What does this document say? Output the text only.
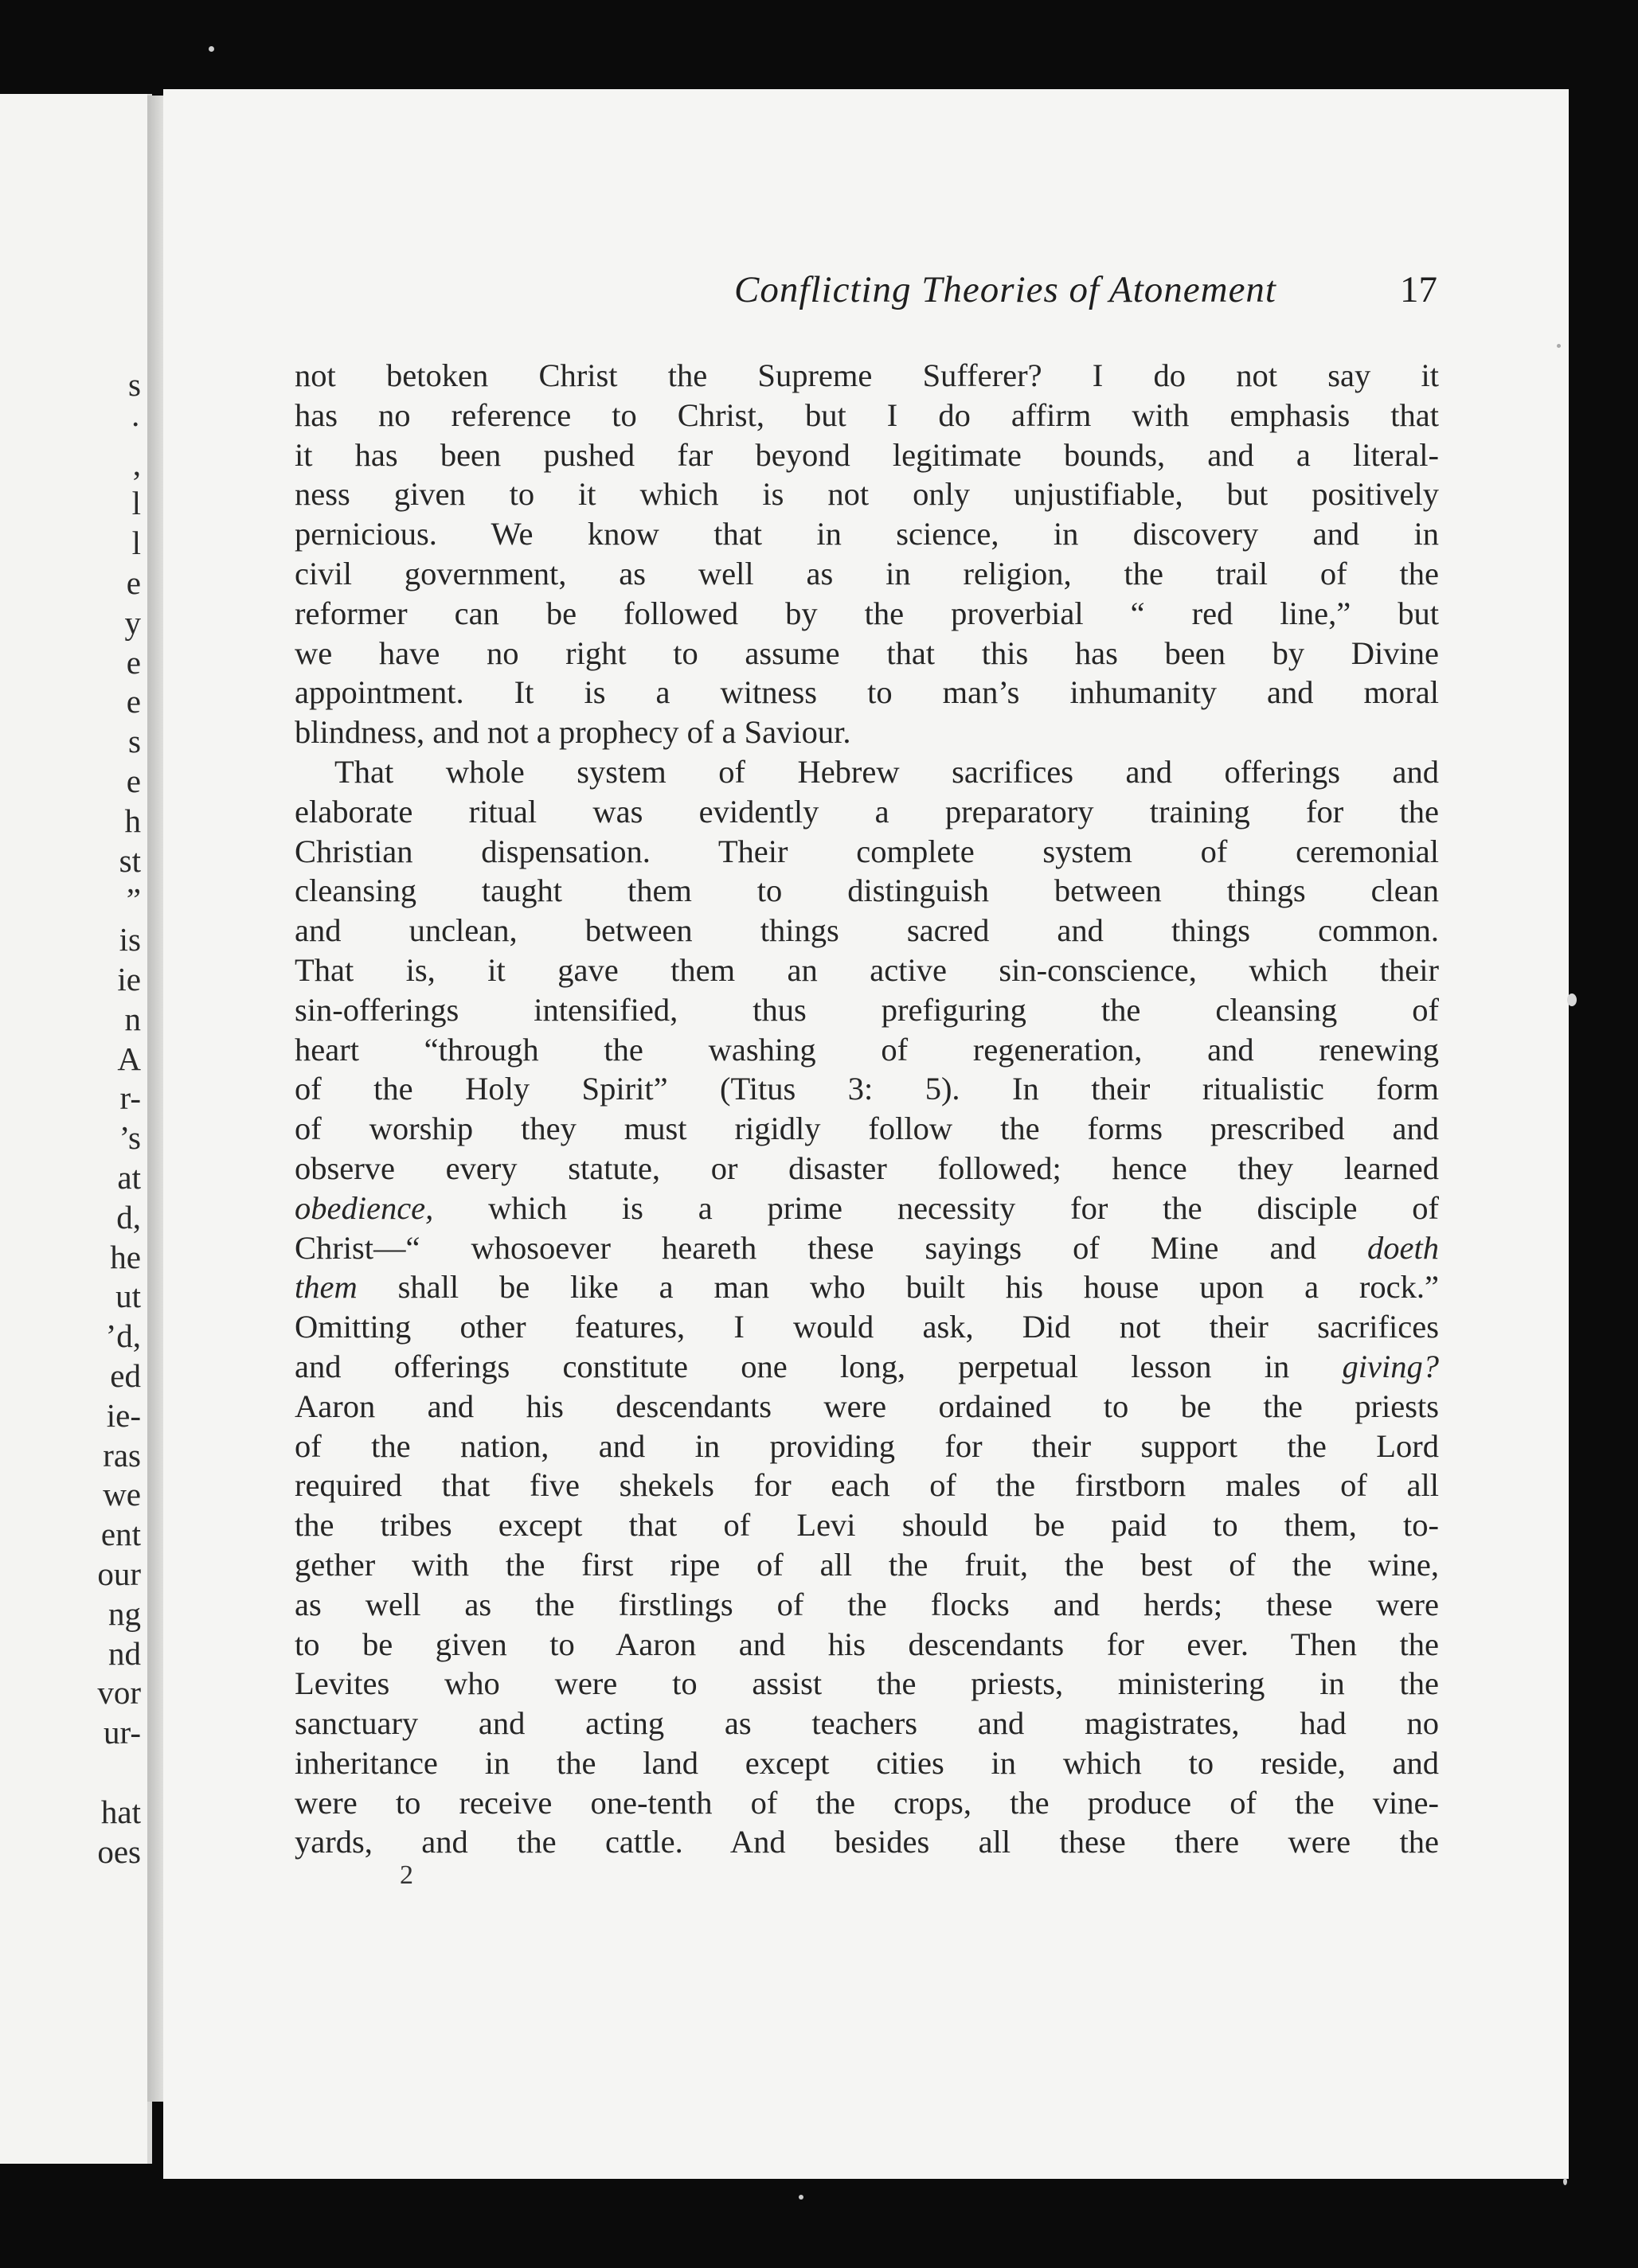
s
·
,
l
l
e
y
e
e
s
e
h
st
”
is
ie
n
A
r-
’s
at
d,
he
ut
’d,
ed
ie-
ras
we
ent
our
ng
nd
vor
ur-
hat
oes
Conflicting Theories of Atonement	17

not betoken Christ the Supreme Sufferer? I do not say it
has no reference to Christ, but I do affirm with emphasis that
it has been pushed far beyond legitimate bounds, and a literal-
ness given to it which is not only unjustifiable, but positively
pernicious. We know that in science, in discovery and in
civil government, as well as in religion, the trail of the
reformer can be followed by the proverbial “ red line,” but
we have no right to assume that this has been by Divine
appointment. It is a witness to man’s inhumanity and moral
blindness, and not a prophecy of a Saviour.

That whole system of Hebrew sacrifices and offerings and
elaborate ritual was evidently a preparatory training for the
Christian dispensation. Their complete system of ceremonial
cleansing taught them to distinguish between things clean
and unclean, between things sacred and things common.
That is, it gave them an active sin-conscience, which their
sin-offerings intensified, thus prefiguring the cleansing of
heart “through the washing of regeneration, and renewing
of the Holy Spirit” (Titus 3: 5). In their ritualistic form
of worship they must rigidly follow the forms prescribed and
observe every statute, or disaster followed; hence they learned
obedience, which is a prime necessity for the disciple of
Christ—“ whosoever heareth these sayings of Mine and doeth
them shall be like a man who built his house upon a rock.”
Omitting other features, I would ask, Did not their sacrifices
and offerings constitute one long, perpetual lesson in giving?
Aaron and his descendants were ordained to be the priests
of the nation, and in providing for their support the Lord
required that five shekels for each of the firstborn males of all
the tribes except that of Levi should be paid to them, to-
gether with the first ripe of all the fruit, the best of the wine,
as well as the firstlings of the flocks and herds; these were
to be given to Aaron and his descendants for ever. Then the
Levites who were to assist the priests, ministering in the
sanctuary and acting as teachers and magistrates, had no
inheritance in the land except cities in which to reside, and
were to receive one-tenth of the crops, the produce of the vine-
yards, and the cattle. And besides all these there were the

2
